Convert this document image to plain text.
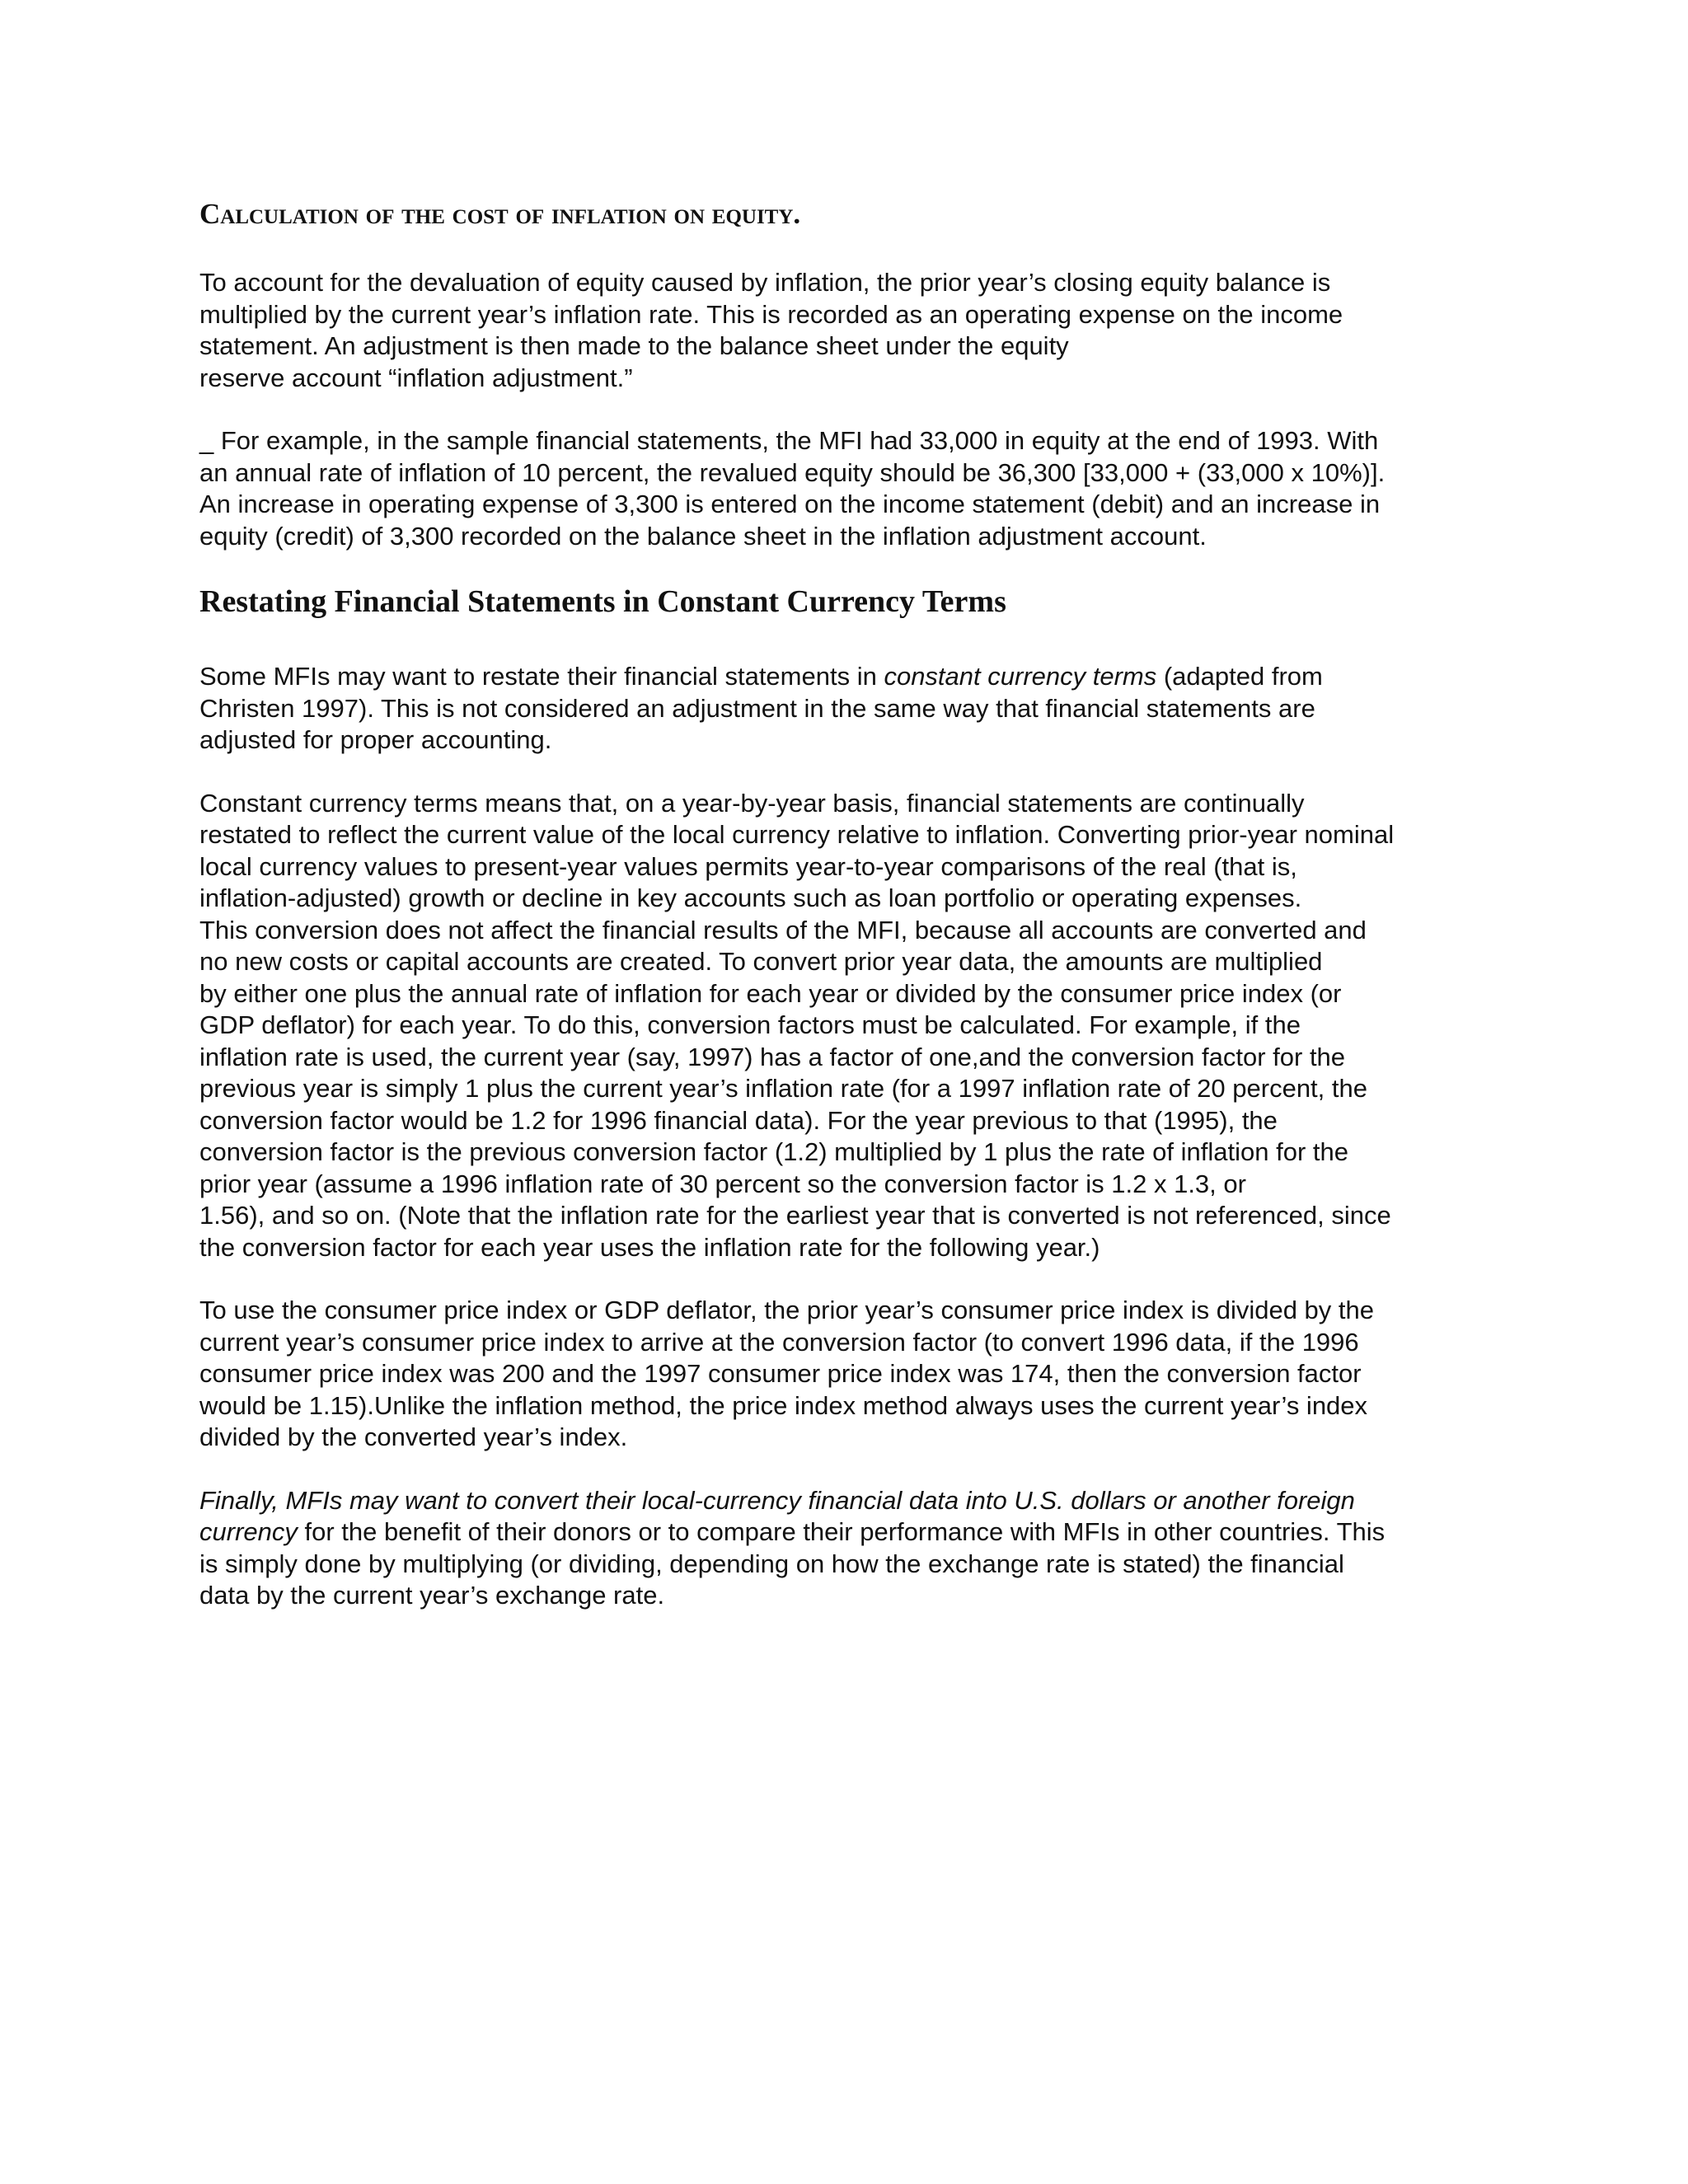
Calculation of the cost of inflation on equity.

To account for the devaluation of equity caused by inflation, the prior year’s closing equity balance is
multiplied by the current year’s inflation rate. This is recorded as an operating expense on the income
statement. An adjustment is then made to the balance sheet under the equity
reserve account “inflation adjustment.”

_ For example, in the sample financial statements, the MFI had 33,000 in equity at the end of 1993. With
an annual rate of inflation of 10 percent, the revalued equity should be 36,300 [33,000 + (33,000 x 10%)].
An increase in operating expense of 3,300 is entered on the income statement (debit) and an increase in
equity (credit) of 3,300 recorded on the balance sheet in the inflation adjustment account.

Restating Financial Statements in Constant Currency Terms

Some MFIs may want to restate their financial statements in constant currency terms (adapted from
Christen 1997). This is not considered an adjustment in the same way that financial statements are
adjusted for proper accounting.

Constant currency terms means that, on a year-by-year basis, financial statements are continually
restated to reflect the current value of the local currency relative to inflation. Converting prior-year nominal
local currency values to present-year values permits year-to-year comparisons of the real (that is,
inflation-adjusted) growth or decline in key accounts such as loan portfolio or operating expenses.
This conversion does not affect the financial results of the MFI, because all accounts are converted and
no new costs or capital accounts are created. To convert prior year data, the amounts are multiplied
by either one plus the annual rate of inflation for each year or divided by the consumer price index (or
GDP deflator) for each year. To do this, conversion factors must be calculated. For example, if the
inflation rate is used, the current year (say, 1997) has a factor of one,and the conversion factor for the
previous year is simply 1 plus the current year’s inflation rate (for a 1997 inflation rate of 20 percent, the
conversion factor would be 1.2 for 1996 financial data). For the year previous to that (1995), the
conversion factor is the previous conversion factor (1.2) multiplied by 1 plus the rate of inflation for the
prior year (assume a 1996 inflation rate of 30 percent so the conversion factor is 1.2 x 1.3, or
1.56), and so on. (Note that the inflation rate for the earliest year that is converted is not referenced, since
the conversion factor for each year uses the inflation rate for the following year.)

To use the consumer price index or GDP deflator, the prior year’s consumer price index is divided by the
current year’s consumer price index to arrive at the conversion factor (to convert 1996 data, if the 1996
consumer price index was 200 and the 1997 consumer price index was 174, then the conversion factor
would be 1.15).Unlike the inflation method, the price index method always uses the current year’s index
divided by the converted year’s index.

Finally, MFIs may want to convert their local-currency financial data into U.S. dollars or another foreign
currency for the benefit of their donors or to compare their performance with MFIs in other countries. This
is simply done by multiplying (or dividing, depending on how the exchange rate is stated) the financial
data by the current year’s exchange rate.
